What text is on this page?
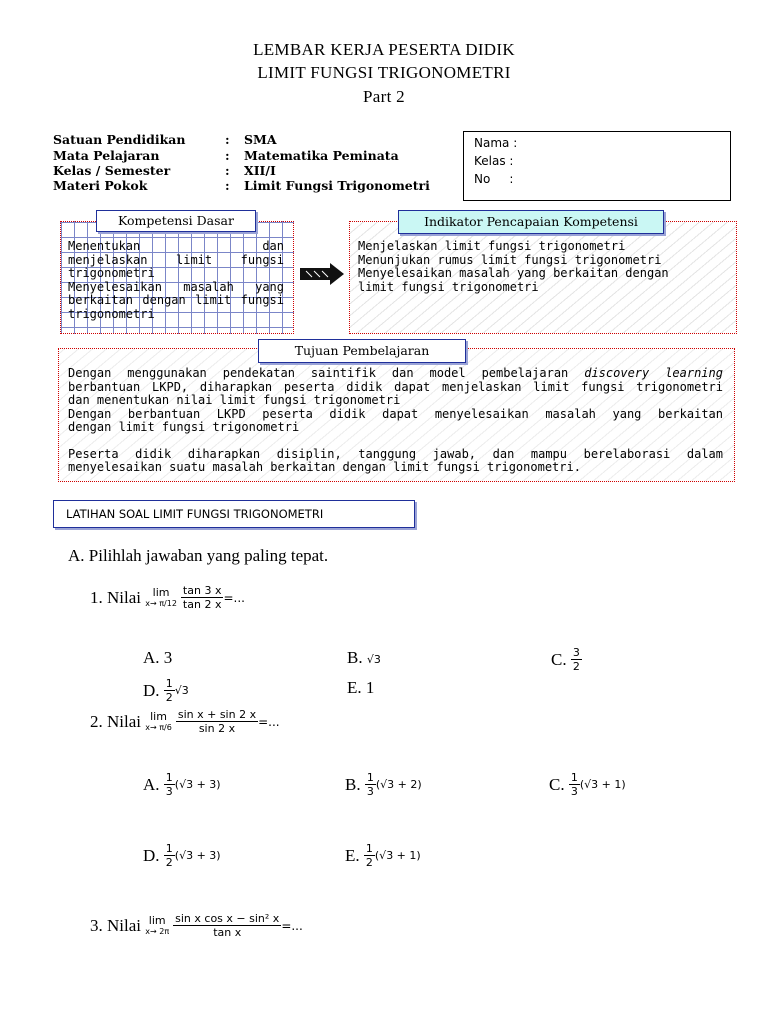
LEMBAR KERJA PESERTA DIDIK
LIMIT FUNGSI TRIGONOMETRI
Part 2
Satuan Pendidikan	: SMA
Mata Pelajaran	: Matematika Peminata
Kelas / Semester	: XII/I
Materi Pokok	: Limit Fungsi Trigonometri
Nama :
Kelas :
No     :
Menentukan dan
menjelaskan limit fungsi
trigonometri
Menyelesaikan masalah yang
berkaitan dengan limit fungsi
trigonometri
Kompetensi Dasar
Menjelaskan limit fungsi trigonometri
Menunjukan rumus limit fungsi trigonometri
Menyelesaikan masalah yang berkaitan dengan
limit fungsi trigonometri
Indikator Pencapaian Kompetensi
Dengan menggunakan pendekatan saintifik dan model pembelajaran discovery learning
berbantuan LKPD, diharapkan peserta didik dapat menjelaskan limit fungsi trigonometri
dan menentukan nilai limit fungsi trigonometri
Dengan berbantuan LKPD peserta didik dapat menyelesaikan masalah yang berkaitan
dengan limit fungsi trigonometri
Peserta didik diharapkan disiplin, tanggung jawab, dan mampu berelaborasi dalam
menyelesaikan suatu masalah berkaitan dengan limit fungsi trigonometri.
Tujuan Pembelajaran
LATIHAN SOAL LIMIT FUNGSI TRIGONOMETRI
A. Pilihlah jawaban yang paling tepat.
1.
Nilai
lim
$x\to \pi/12 \frac{\tan 3 x}{\tan 2 x}$ =...
A. 3	B. √3	C.
$\frac{3}{2}$
D.
$\frac{1}{2} √3$	E. 1
2.
Nilai
lim
$x\to \pi/6 \frac{\text{sin x + sin 2 x}}{\sin 2 x}$ =...
A.
$\frac{1}{3} (√3 + 3)$	B.
$\frac{1}{3} (√3 + 2)$	C.
$\frac{1}{3} (√3 + 1)$
D.
$\frac{1}{2} (√3 + 3)$	E.
$\frac{1}{2} (√3 + 1)$
3.
Nilai
lim
$x\to 2\pi \frac{\text{sin x cos x − sin² x}}{\text{tan x}}$ =...
